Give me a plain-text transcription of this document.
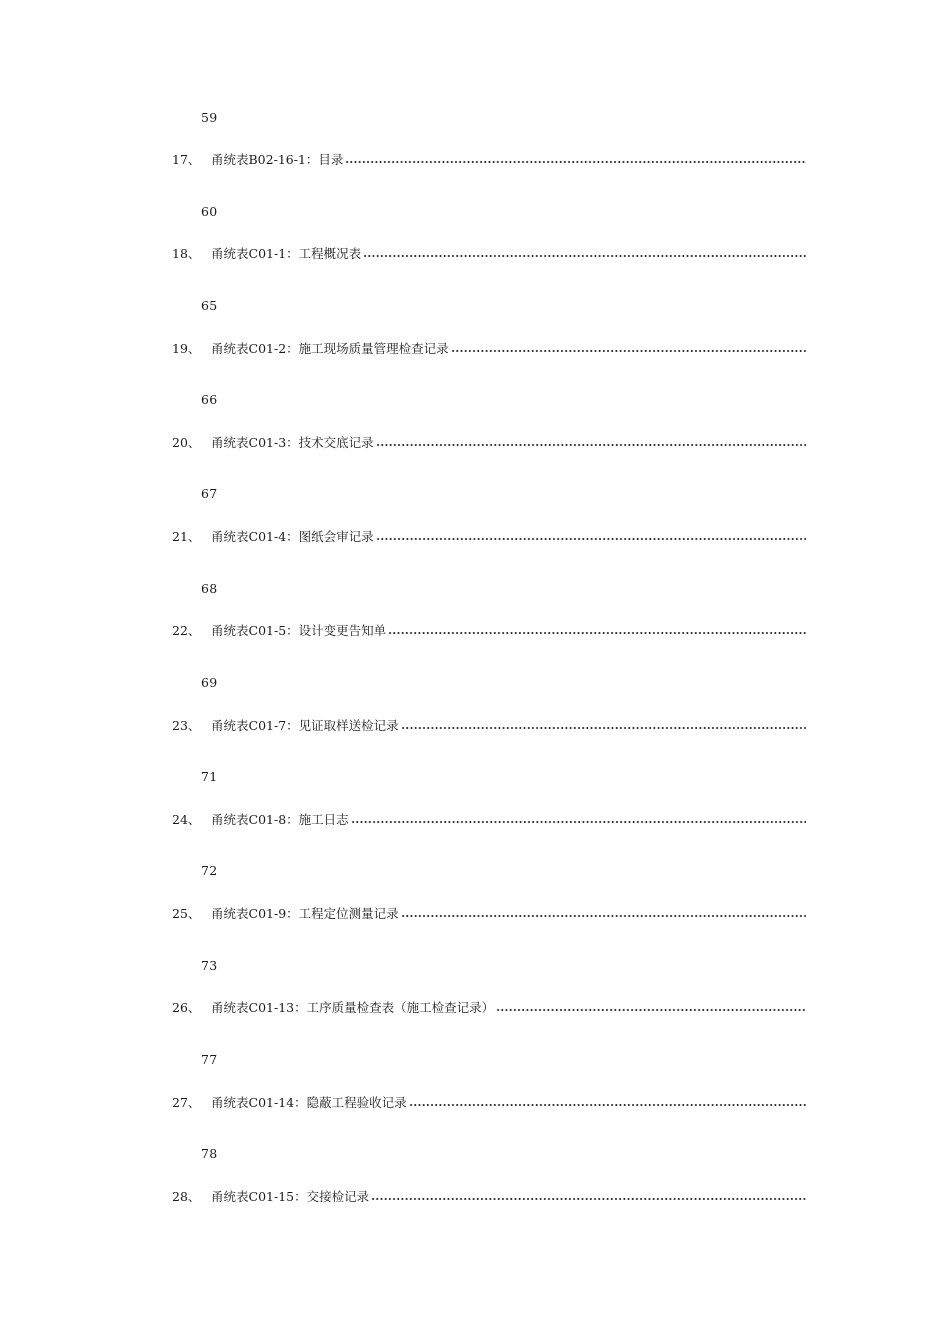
59
17、 甬统表B02-16-1：目录
60
18、 甬统表C01-1：工程概况表
65
19、 甬统表C01-2：施工现场质量管理检查记录
66
20、 甬统表C01-3：技术交底记录
67
21、 甬统表C01-4：图纸会审记录
68
22、 甬统表C01-5：设计变更告知单
69
23、 甬统表C01-7：见证取样送检记录
71
24、 甬统表C01-8：施工日志
72
25、 甬统表C01-9：工程定位测量记录
73
26、 甬统表C01-13：工序质量检查表（施工检查记录）
77
27、 甬统表C01-14：隐蔽工程验收记录
78
28、 甬统表C01-15：交接检记录
